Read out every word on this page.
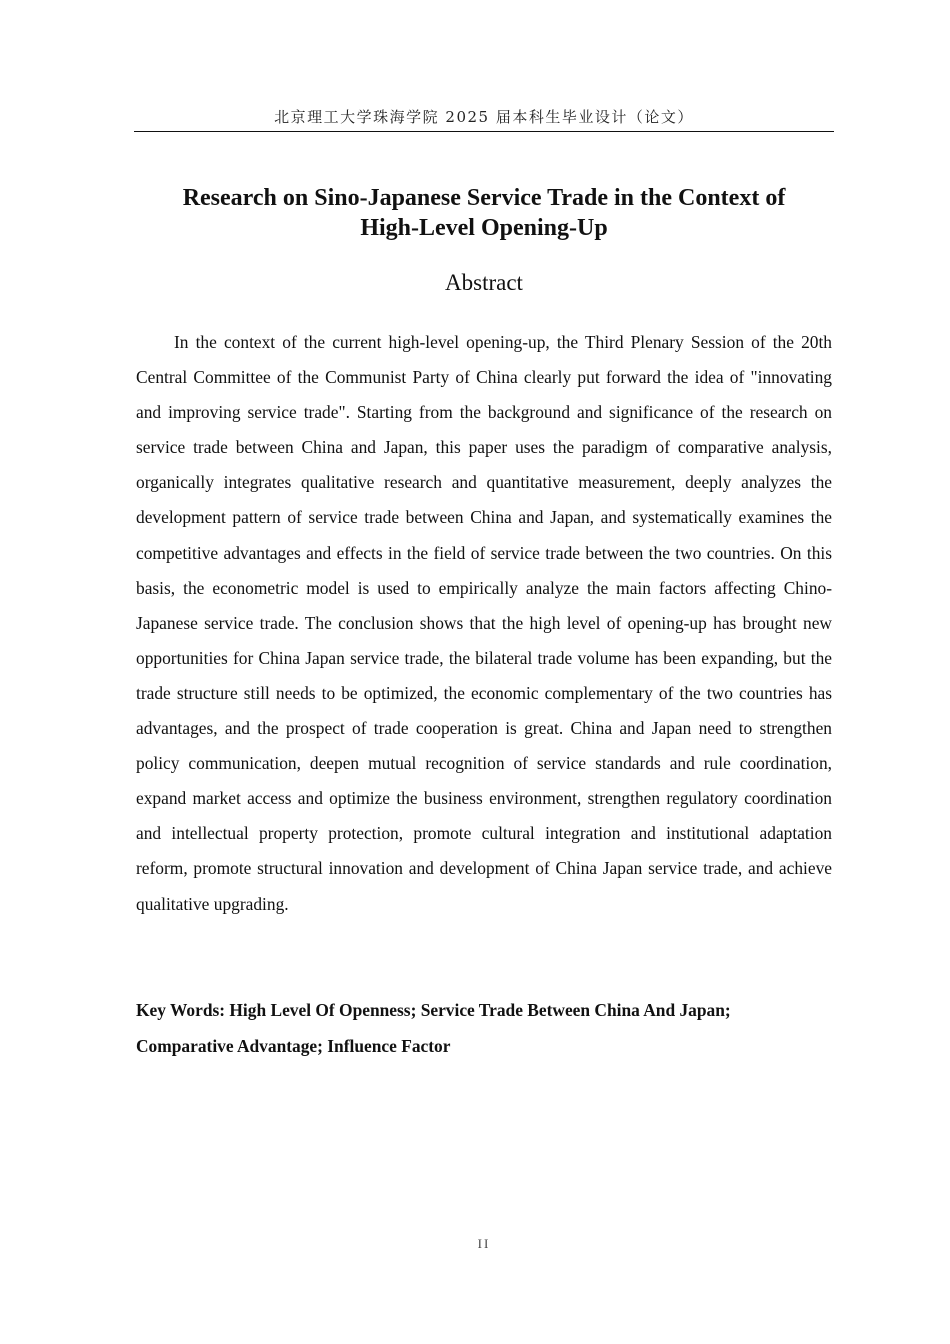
北京理工大学珠海学院 2025 届本科生毕业设计（论文）
Research on Sino-Japanese Service Trade in the Context of
High-Level Opening-Up
Abstract

In the context of the current high-level opening-up, the Third Plenary Session of the 20th Central Committee of the Communist Party of China clearly put forward the idea of "innovating and improving service trade". Starting from the background and significance of the research on service trade between China and Japan, this paper uses the paradigm of comparative analysis, organically integrates qualitative research and quantitative measurement, deeply analyzes the development pattern of service trade between China and Japan, and systematically examines the competitive advantages and effects in the field of service trade between the two countries. On this basis, the econometric model is used to empirically analyze the main factors affecting Chino-Japanese service trade. The conclusion shows that the high level of opening-up has brought new opportunities for China Japan service trade, the bilateral trade volume has been expanding, but the trade structure still needs to be optimized, the economic complementary of the two countries has advantages, and the prospect of trade cooperation is great. China and Japan need to strengthen policy communication, deepen mutual recognition of service standards and rule coordination, expand market access and optimize the business environment, strengthen regulatory coordination and intellectual property protection, promote cultural integration and institutional adaptation reform, promote structural innovation and development of China Japan service trade, and achieve qualitative upgrading.

Key Words: High Level Of Openness; Service Trade Between China And Japan;
Comparative Advantage; Influence Factor

II
